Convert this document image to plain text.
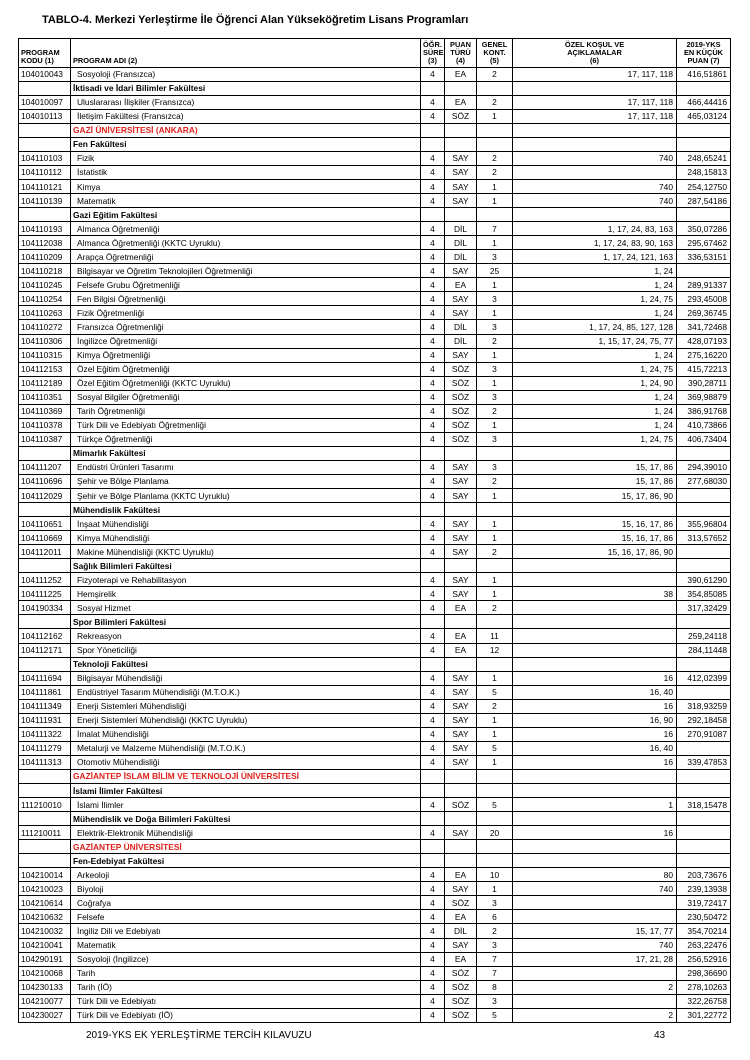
TABLO-4. Merkezi Yerleştirme İle Öğrenci Alan Yükseköğretim Lisans Programları
PROGRAM
KODU (1)	PROGRAM ADI (2)	ÖĞR.
SÜRE
(3)	PUAN
TÜRÜ
(4)	GENEL
KONT.
(5)	ÖZEL KOŞUL VE
AÇIKLAMALAR
(6)	2019-YKS
EN KÜÇÜK
PUAN (7)
104010043	Sosyoloji (Fransızca)	4	EA	2	17, 117, 118	416,51861
	İktisadi ve İdari Bilimler Fakültesi					
104010097	Uluslararası İlişkiler (Fransızca)	4	EA	2	17, 117, 118	466,44416
104010113	İletişim Fakültesi (Fransızca)	4	SÖZ	1	17, 117, 118	465,03124
	GAZİ ÜNİVERSİTESİ (ANKARA)					
	Fen Fakültesi					
104110103	Fizik	4	SAY	2	740	248,65241
104110112	İstatistik	4	SAY	2		248,15813
104110121	Kimya	4	SAY	1	740	254,12750
104110139	Matematik	4	SAY	1	740	287,54186
	Gazi Eğitim Fakültesi					
104110193	Almanca Öğretmenliği	4	DİL	7	1, 17, 24, 83, 163	350,07286
104112038	Almanca Öğretmenliği (KKTC Uyruklu)	4	DİL	1	1, 17, 24, 83, 90, 163	295,67462
104110209	Arapça Öğretmenliği	4	DİL	3	1, 17, 24, 121, 163	336,53151
104110218	Bilgisayar ve Öğretim Teknolojileri Öğretmenliği	4	SAY	25	1, 24	
104110245	Felsefe Grubu Öğretmenliği	4	EA	1	1, 24	289,91337
104110254	Fen Bilgisi Öğretmenliği	4	SAY	3	1, 24, 75	293,45008
104110263	Fizik Öğretmenliği	4	SAY	1	1, 24	269,36745
104110272	Fransızca Öğretmenliği	4	DİL	3	1, 17, 24, 85, 127, 128	341,72468
104110306	İngilizce Öğretmenliği	4	DİL	2	1, 15, 17, 24, 75, 77	428,07193
104110315	Kimya Öğretmenliği	4	SAY	1	1, 24	275,16220
104112153	Özel Eğitim Öğretmenliği	4	SÖZ	3	1, 24, 75	415,72213
104112189	Özel Eğitim Öğretmenliği (KKTC Uyruklu)	4	SÖZ	1	1, 24, 90	390,28711
104110351	Sosyal Bilgiler Öğretmenliği	4	SÖZ	3	1, 24	369,98879
104110369	Tarih Öğretmenliği	4	SÖZ	2	1, 24	386,91768
104110378	Türk Dili ve Edebiyatı Öğretmenliği	4	SÖZ	1	1, 24	410,73866
104110387	Türkçe Öğretmenliği	4	SÖZ	3	1, 24, 75	406,73404
	Mimarlık Fakültesi					
104111207	Endüstri Ürünleri Tasarımı	4	SAY	3	15, 17, 86	294,39010
104110696	Şehir ve Bölge Planlama	4	SAY	2	15, 17, 86	277,68030
104112029	Şehir ve Bölge Planlama (KKTC Uyruklu)	4	SAY	1	15, 17, 86, 90	
	Mühendislik Fakültesi					
104110651	İnşaat Mühendisliği	4	SAY	1	15, 16, 17, 86	355,96804
104110669	Kimya Mühendisliği	4	SAY	1	15, 16, 17, 86	313,57652
104112011	Makine Mühendisliği (KKTC Uyruklu)	4	SAY	2	15, 16, 17, 86, 90	
	Sağlık Bilimleri Fakültesi					
104111252	Fizyoterapi ve Rehabilitasyon	4	SAY	1		390,61290
104111225	Hemşirelik	4	SAY	1	38	354,85085
104190334	Sosyal Hizmet	4	EA	2		317,32429
	Spor Bilimleri Fakültesi					
104112162	Rekreasyon	4	EA	11		259,24118
104112171	Spor Yöneticiliği	4	EA	12		284,11448
	Teknoloji Fakültesi					
104111694	Bilgisayar Mühendisliği	4	SAY	1	16	412,02399
104111861	Endüstriyel Tasarım Mühendisliği (M.T.O.K.)	4	SAY	5	16, 40	
104111349	Enerji Sistemleri Mühendisliği	4	SAY	2	16	318,93259
104111931	Enerji Sistemleri Mühendisliği (KKTC Uyruklu)	4	SAY	1	16, 90	292,18458
104111322	İmalat Mühendisliği	4	SAY	1	16	270,91087
104111279	Metalurji ve Malzeme Mühendisliği (M.T.O.K.)	4	SAY	5	16, 40	
104111313	Otomotiv Mühendisliği	4	SAY	1	16	339,47853
	GAZİANTEP İSLAM BİLİM VE TEKNOLOJİ ÜNİVERSİTESİ					
	İslami İlimler Fakültesi					
111210010	İslami İlimler	4	SÖZ	5	1	318,15478
	Mühendislik ve Doğa Bilimleri Fakültesi					
111210011	Elektrik-Elektronik Mühendisliği	4	SAY	20	16	
	GAZİANTEP ÜNİVERSİTESİ					
	Fen-Edebiyat Fakültesi					
104210014	Arkeoloji	4	EA	10	80	203,73676
104210023	Biyoloji	4	SAY	1	740	239,13938
104210614	Coğrafya	4	SÖZ	3		319,72417
104210632	Felsefe	4	EA	6		230,50472
104210032	İngiliz Dili ve Edebiyatı	4	DİL	2	15, 17, 77	354,70214
104210041	Matematik	4	SAY	3	740	263,22476
104290191	Sosyoloji (İngilizce)	4	EA	7	17, 21, 28	256,52916
104210068	Tarih	4	SÖZ	7		298,36690
104230133	Tarih (İÖ)	4	SÖZ	8	2	278,10263
104210077	Türk Dili ve Edebiyatı	4	SÖZ	3		322,26758
104230027	Türk Dili ve Edebiyatı (İÖ)	4	SÖZ	5	2	301,22772
2019-YKS EK YERLEŞTİRME TERCİH KILAVUZU	43
